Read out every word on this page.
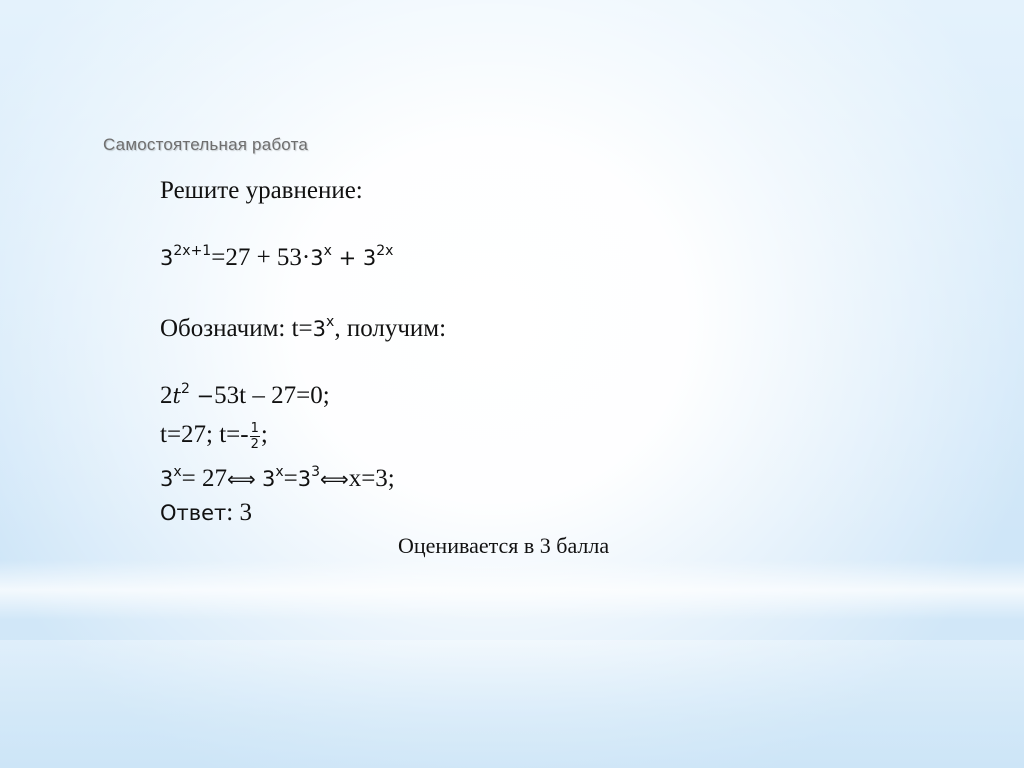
Самостоятельная работа
Решите уравнение:
$3^{2x+1}=27 + 53\cdot 3^x + 3^{2x}$
Обозначим: $t=3^x$, получим:
$2t^2 -53t - 27=0$;
t=27; $t=- \frac{1}{2}$ ;
$3^x=$ 27⟺ $3^x=3^3⟺x=3$;
Ответ: 3
Оценивается в 3 балла
